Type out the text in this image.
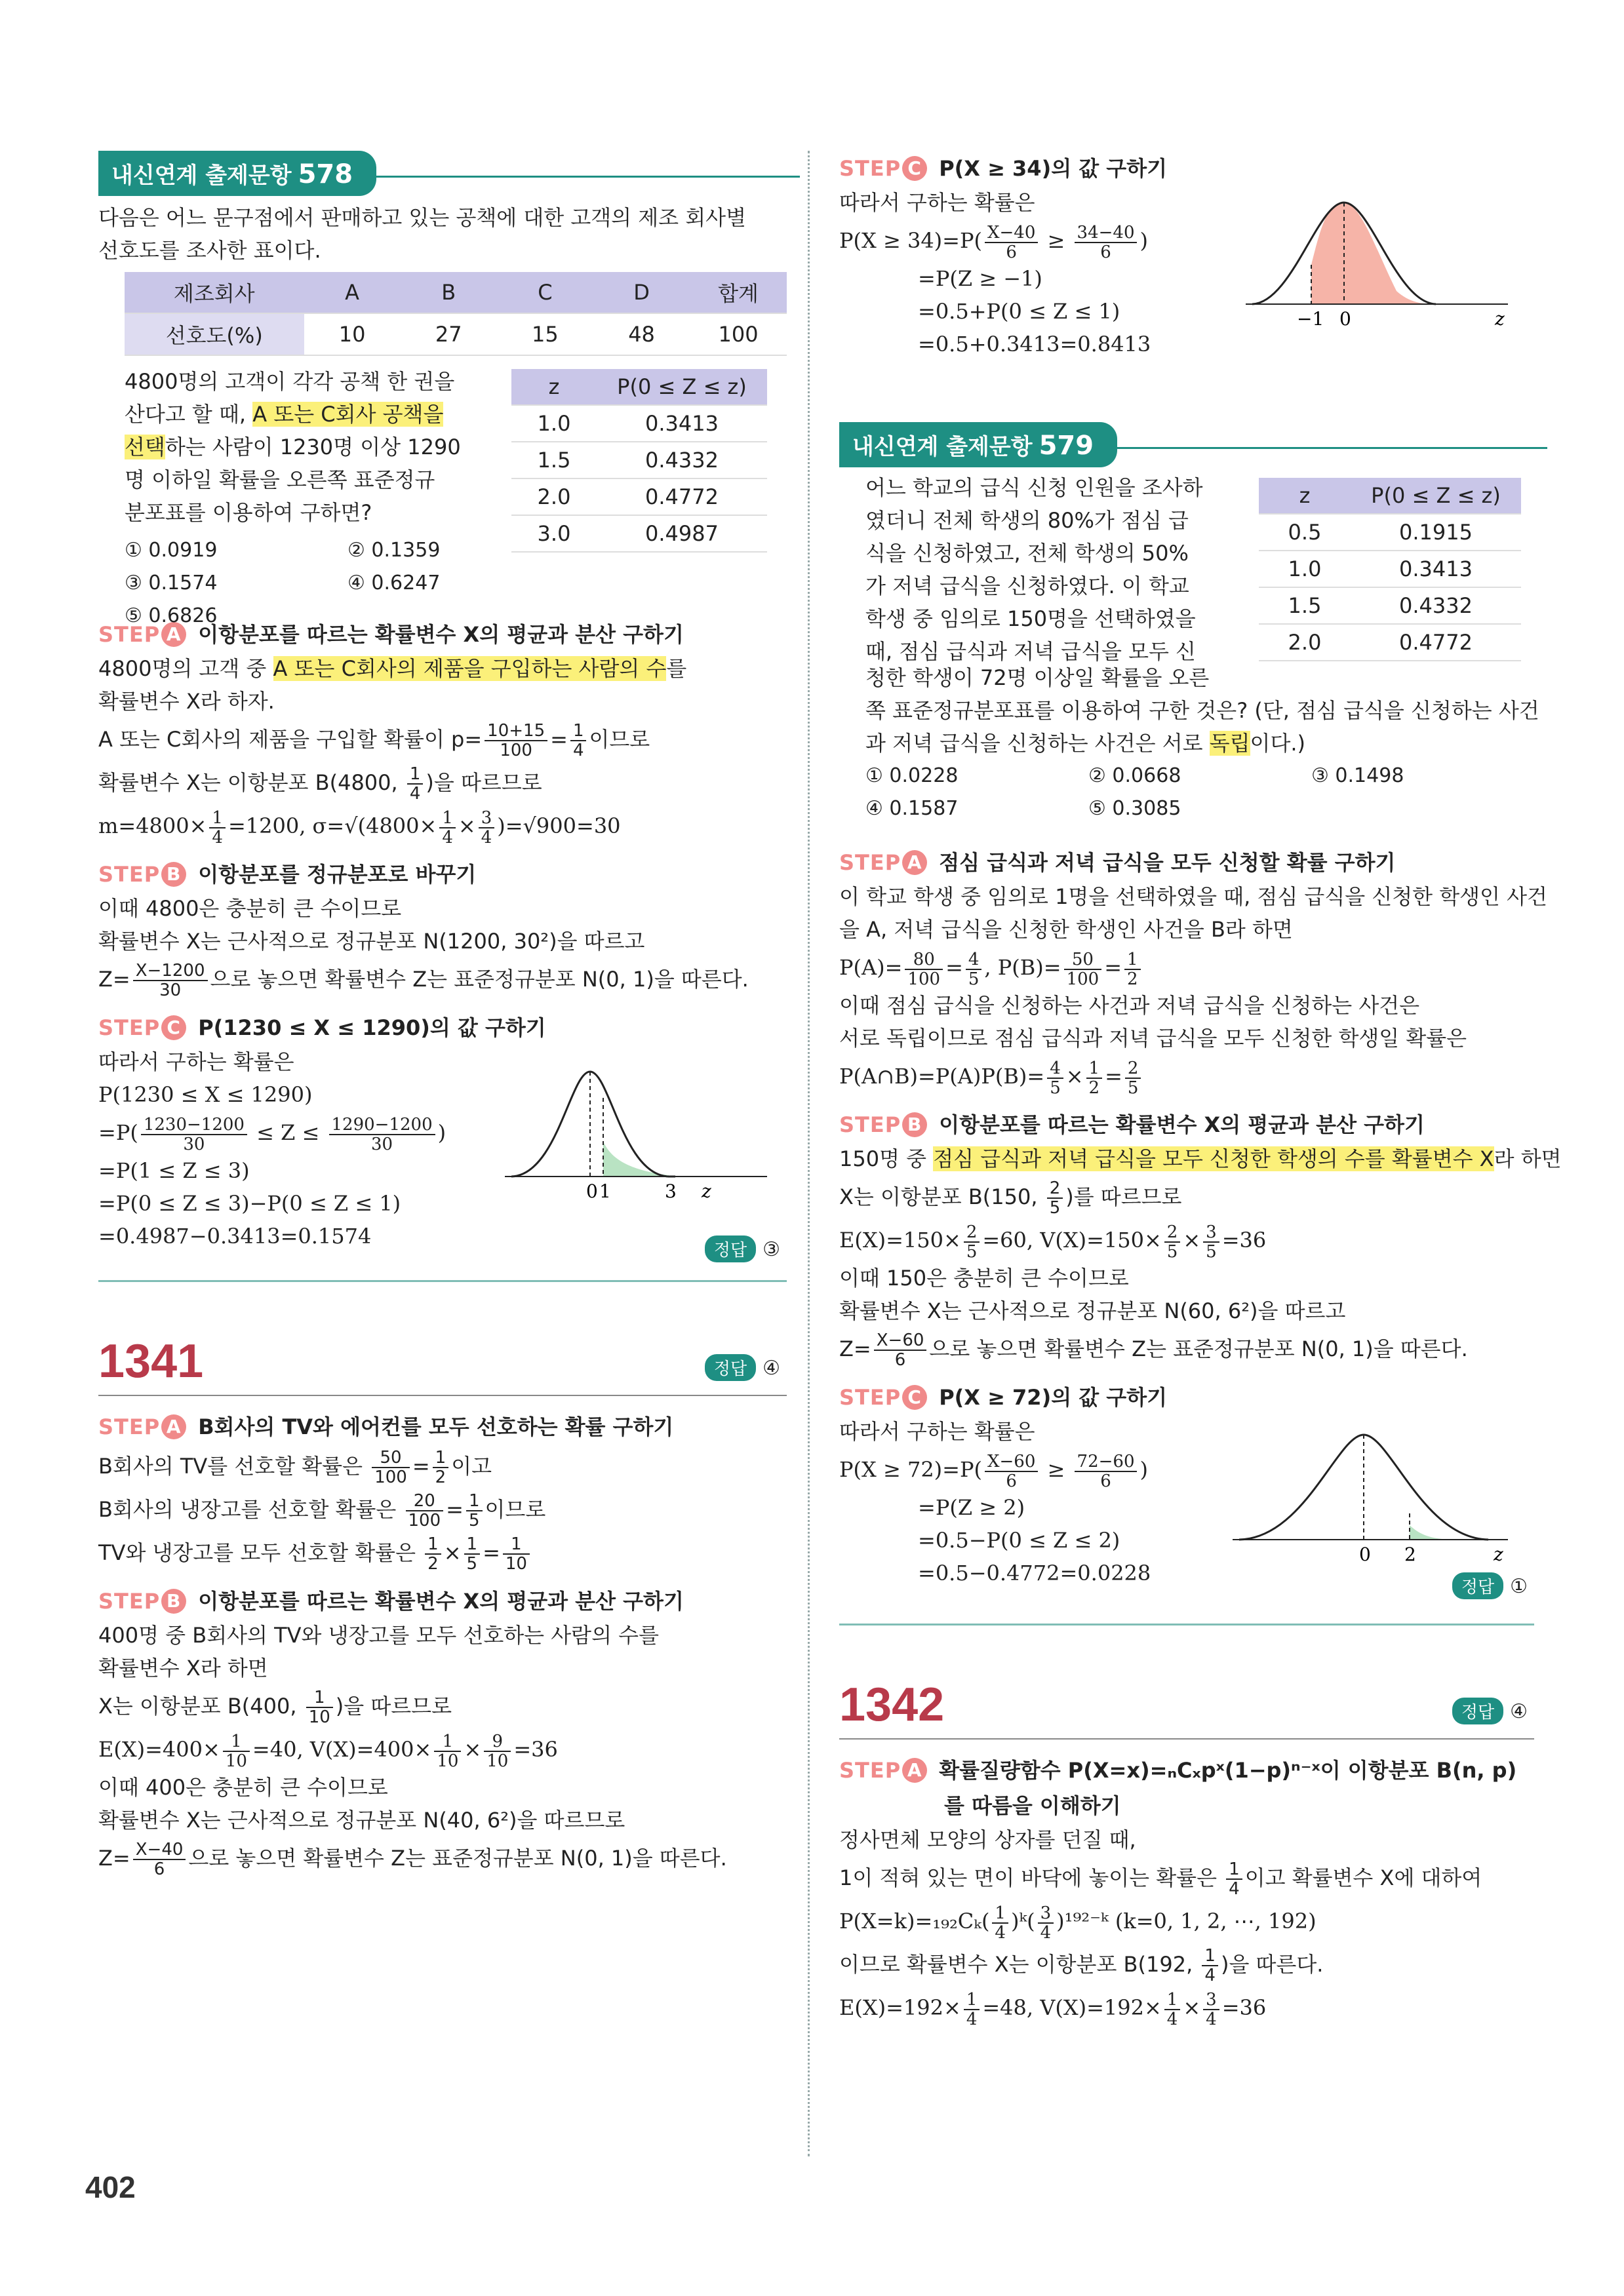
내신연계 출제문항 578

다음은 어느 문구점에서 판매하고 있는 공책에 대한 고객의 제조 회사별

선호도를 조사한 표이다.

제조회사	A	B	C	D	합계
선호도(%)	10	27	15	48	100

4800명의 고객이 각각 공책 한 권을

산다고 할 때, A 또는 C회사 공책을

선택하는 사람이 1230명 이상 1290

명 이하일 확률을 오른쪽 표준정규

분포표를 이용하여 구하면?

z	P(0 ≤ Z ≤ z)
1.0	0.3413
1.5	0.4332
2.0	0.4772
3.0	0.4987
① 0.0919	② 0.1359
③ 0.1574	④ 0.6247
⑤ 0.6826
STEP A 이항분포를 따르는 확률변수 X의 평균과 분산 구하기

4800명의 고객 중 A 또는 C회사의 제품을 구입하는 사람의 수를

확률변수 X라 하자.

A 또는 C회사의 제품을 구입할 확률이 $p= \frac{10+15}{100} = \frac{1}{4}$ 이므로

확률변수 X는 이항분포 B(4800, $\frac{1}{4}$ )을 따르므로

$m=4800\times \frac{1}{4} =1200$, $\sigma=√(4800\times \frac{1}{4} \times \frac{3}{4} )=√900=30$

STEP B 이항분포를 정규분포로 바꾸기

이때 4800은 충분히 큰 수이므로

확률변수 X는 근사적으로 정규분포 N(1200, 30²)을 따르고

$Z= \frac{X-1200}{30}$ 으로 놓으면 확률변수 Z는 표준정규분포 N(0, 1)을 따른다.

STEP C P(1230 ≤ X ≤ 1290)의 값 구하기

따라서 구하는 확률은

P(1230 ≤ X ≤ 1290)

$=P( \frac{1230-1200}{30} \le Z \le \frac{1290-1200}{30}$ )

=P(1 ≤ Z ≤ 3)

=P(0 ≤ Z ≤ 3)−P(0 ≤ Z ≤ 1)

=0.4987−0.3413=0.1574

0 1	3 z
정답 ③
1341	정답 ④
STEP A B회사의 TV와 에어컨를 모두 선호하는 확률 구하기

B회사의 TV를 선호할 확률은 $\frac{50}{100} = \frac{1}{2}$ 이고

B회사의 냉장고를 선호할 확률은 $\frac{20}{100} = \frac{1}{5}$ 이므로

TV와 냉장고를 모두 선호할 확률은 $\frac{1}{2} \times \frac{1}{5} = \frac{1}{10}$

STEP B 이항분포를 따르는 확률변수 X의 평균과 분산 구하기

400명 중 B회사의 TV와 냉장고를 모두 선호하는 사람의 수를

확률변수 X라 하면

X는 이항분포 B(400, $\frac{1}{10}$ )을 따르므로

$E(X)=400\times \frac{1}{10} =40$, $V(X)=400\times \frac{1}{10} \times \frac{9}{10} =36$

이때 400은 충분히 큰 수이므로

확률변수 X는 근사적으로 정규분포 N(40, 6²)을 따르므로

$Z= \frac{X-40}{6}$ 으로 놓으면 확률변수 Z는 표준정규분포 N(0, 1)을 따른다.

STEP C P(X ≥ 34)의 값 구하기

따라서 구하는 확률은

$P(X \ge 34)=P( \frac{X-40}{6} \ge \frac{34-40}{6}$ )

=P(Z ≥ −1)

=0.5+P(0 ≤ Z ≤ 1)

=0.5+0.3413=0.8413

−1 0	z
내신연계 출제문항 579

어느 학교의 급식 신청 인원을 조사하

였더니 전체 학생의 80%가 점심 급

식을 신청하였고, 전체 학생의 50%

가 저녁 급식을 신청하였다. 이 학교

학생 중 임의로 150명을 선택하였을

때, 점심 급식과 저녁 급식을 모두 신

z	P(0 ≤ Z ≤ z)
0.5	0.1915
1.0	0.3413
1.5	0.4332
2.0	0.4772

청한 학생이 72명 이상일 확률을 오른

쪽 표준정규분포표를 이용하여 구한 것은? (단, 점심 급식을 신청하는 사건

과 저녁 급식을 신청하는 사건은 서로 독립이다.)

① 0.0228	② 0.0668	③ 0.1498
④ 0.1587	⑤ 0.3085
STEP A 점심 급식과 저녁 급식을 모두 신청할 확률 구하기

이 학교 학생 중 임의로 1명을 선택하였을 때, 점심 급식을 신청한 학생인 사건

을 A, 저녁 급식을 신청한 학생인 사건을 B라 하면

$P(A)= \frac{80}{100} = \frac{4}{5}$ , $P(B)= \frac{50}{100} = \frac{1}{2}$

이때 점심 급식을 신청하는 사건과 저녁 급식을 신청하는 사건은

서로 독립이므로 점심 급식과 저녁 급식을 모두 신청한 학생일 확률은

P(A∩B)=P(A)P(B)= $\frac{4}{5} \times \frac{1}{2} = \frac{2}{5}$

STEP B 이항분포를 따르는 확률변수 X의 평균과 분산 구하기

150명 중 점심 급식과 저녁 급식을 모두 신청한 학생의 수를 확률변수 X라 하면

X는 이항분포 B(150, $\frac{2}{5}$ )를 따르므로

$E(X)=150\times \frac{2}{5} =60$, $V(X)=150\times \frac{2}{5} \times \frac{3}{5} =36$

이때 150은 충분히 큰 수이므로

확률변수 X는 근사적으로 정규분포 N(60, 6²)을 따르고

$Z= \frac{X-60}{6}$ 으로 놓으면 확률변수 Z는 표준정규분포 N(0, 1)을 따른다.

STEP C P(X ≥ 72)의 값 구하기

따라서 구하는 확률은

$P(X \ge 72)=P( \frac{X-60}{6} \ge \frac{72-60}{6}$ )

=P(Z ≥ 2)

=0.5−P(0 ≤ Z ≤ 2)

=0.5−0.4772=0.0228

0 2	z
정답 ①
1342	정답 ④
STEP A 확률질량함수 P(X=x)=ₙCₓpˣ(1−p)ⁿ⁻ˣ이 이항분포 B(n, p)
를 따름을 이해하기

정사면체 모양의 상자를 던질 때,

1이 적혀 있는 면이 바닥에 놓이는 확률은 $\frac{1}{4}$ 이고 확률변수 X에 대하여

$P(X=k)=_{192}C_k( \frac{1}{4}$ )ᵏ( $\frac{3}{4}$ )¹⁹²⁻ᵏ (k=0, 1, 2, ⋯, 192)

이므로 확률변수 X는 이항분포 B(192, $\frac{1}{4}$ )을 따른다.

$E(X)=192\times \frac{1}{4} =48$, $V(X)=192\times \frac{1}{4} \times \frac{3}{4} =36$

402
